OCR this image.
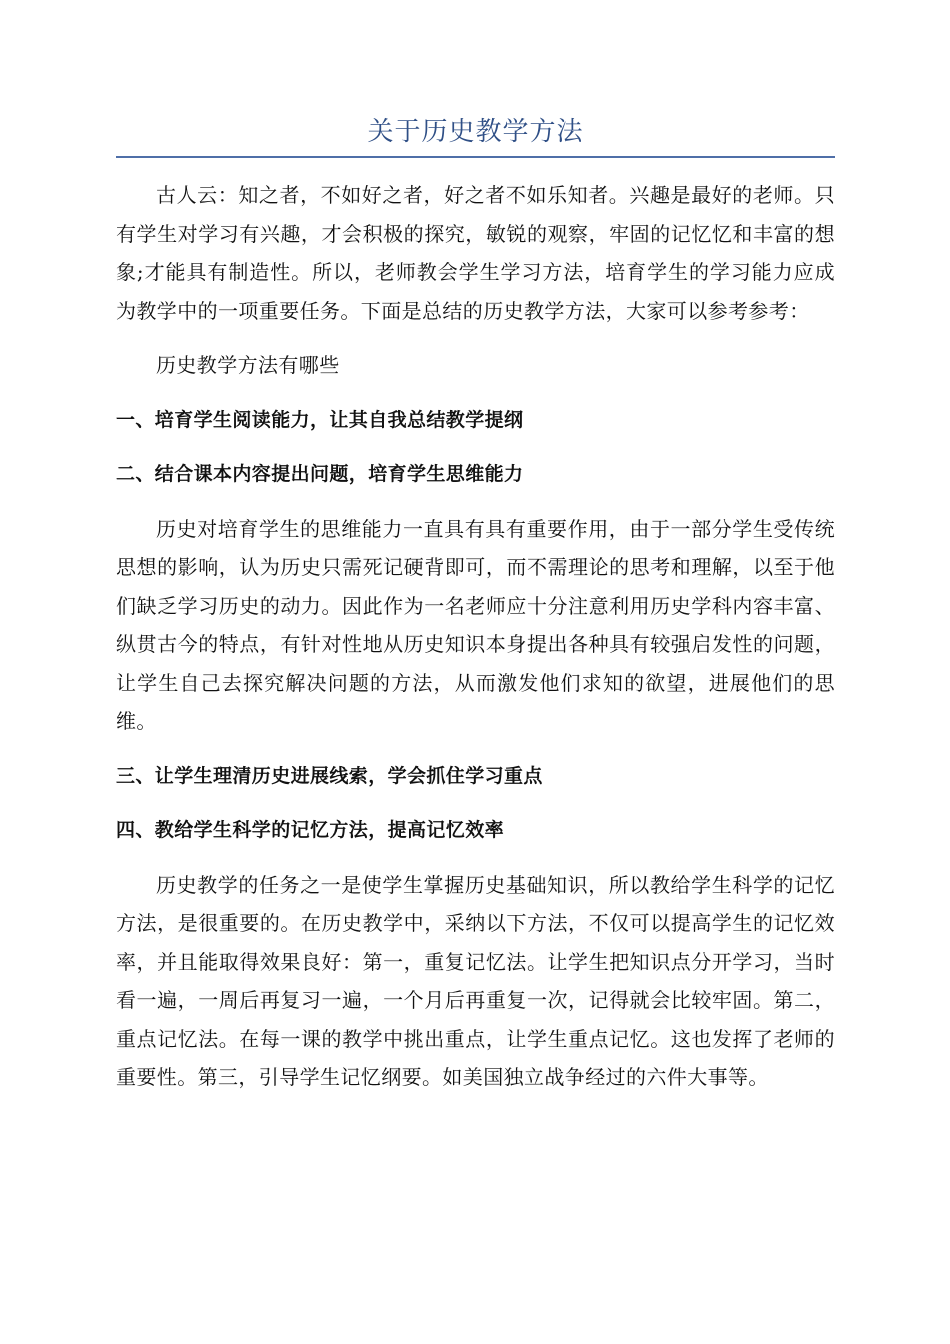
关于历史教学方法

古人云：知之者，不如好之者，好之者不如乐知者。兴趣是最好的老师。只有学生对学习有兴趣，才会积极的探究，敏锐的观察，牢固的记忆忆和丰富的想象;才能具有制造性。所以，老师教会学生学习方法，培育学生的学习能力应成为教学中的一项重要任务。下面是总结的历史教学方法，大家可以参考参考：

历史教学方法有哪些

一、培育学生阅读能力，让其自我总结教学提纲

二、结合课本内容提出问题，培育学生思维能力

历史对培育学生的思维能力一直具有具有重要作用，由于一部分学生受传统思想的影响，认为历史只需死记硬背即可，而不需理论的思考和理解，以至于他们缺乏学习历史的动力。因此作为一名老师应十分注意利用历史学科内容丰富、纵贯古今的特点，有针对性地从历史知识本身提出各种具有较强启发性的问题，让学生自己去探究解决问题的方法，从而激发他们求知的欲望，进展他们的思维。

三、让学生理清历史进展线索，学会抓住学习重点

四、教给学生科学的记忆方法，提高记忆效率

历史教学的任务之一是使学生掌握历史基础知识，所以教给学生科学的记忆方法，是很重要的。在历史教学中，采纳以下方法，不仅可以提高学生的记忆效率，并且能取得效果良好：第一，重复记忆法。让学生把知识点分开学习，当时看一遍，一周后再复习一遍，一个月后再重复一次，记得就会比较牢固。第二，重点记忆法。在每一课的教学中挑出重点，让学生重点记忆。这也发挥了老师的重要性。第三，引导学生记忆纲要。如美国独立战争经过的六件大事等。
